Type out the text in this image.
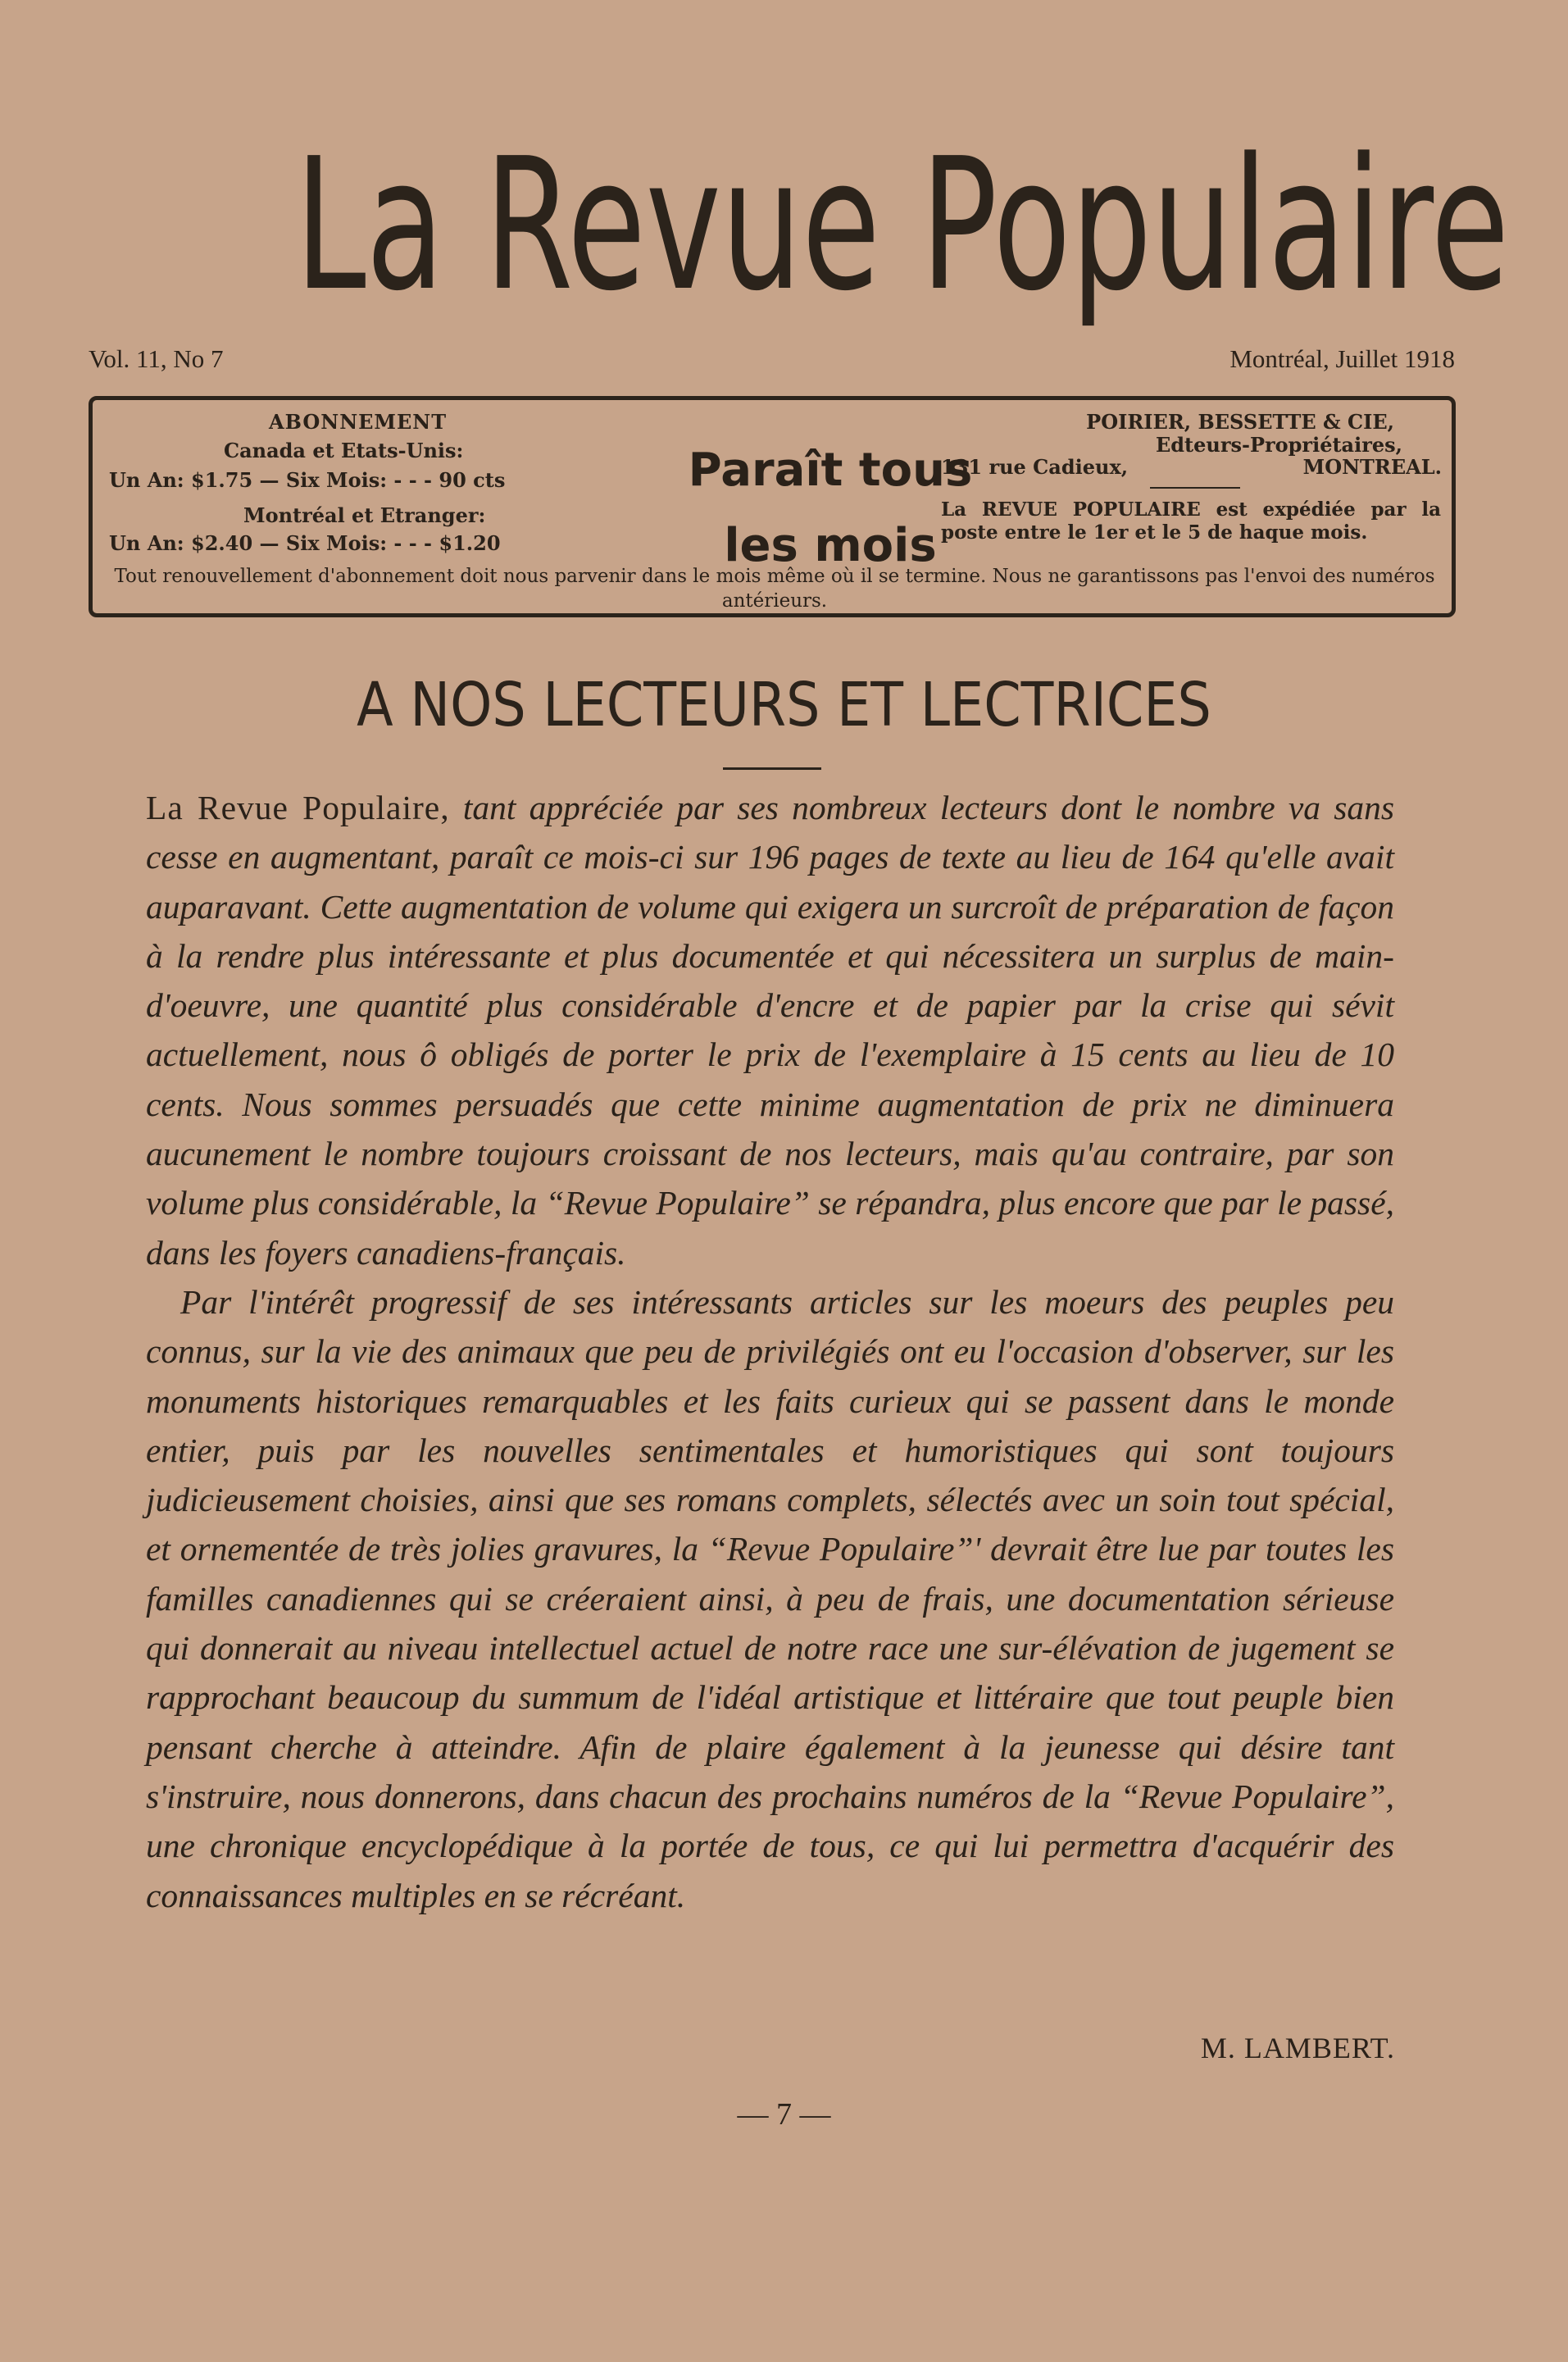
La Revue Populaire
Vol. 11, No 7	Montréal, Juillet 1918
ABONNEMENT
Canada et Etats-Unis:
Un An: $1.75 — Six Mois: - - - 90 cts
Montréal et Etranger:
Un An: $2.40 — Six Mois: - - - $1.20
Paraît tous
les mois
POIRIER, BESSETTE & CIE,
Edteurs-Propriétaires,
131 rue Cadieux,	MONTREAL.
La REVUE POPULAIRE est expédiée par la poste entre le 1er et le 5 de haque mois.
Tout renouvellement d'abonnement doit nous parvenir dans le mois même où il se termine. Nous ne garantissons pas l'envoi des numéros antérieurs.
A NOS LECTEURS ET LECTRICES

La Revue Populaire, tant appréciée par ses nombreux lecteurs dont le nombre va sans cesse en augmentant, paraît ce mois-ci sur 196 pages de texte au lieu de 164 qu'elle avait auparavant. Cette augmentation de volume qui exigera un surcroît de préparation de façon à la rendre plus intéressante et plus documentée et qui nécessitera un surplus de main-d'oeuvre, une quantité plus considérable d'encre et de papier par la crise qui sévit actuellement, nous ô obligés de porter le prix de l'exemplaire à 15 cents au lieu de 10 cents. Nous sommes persuadés que cette minime augmentation de prix ne diminuera aucunement le nombre toujours croissant de nos lecteurs, mais qu'au contraire, par son volume plus considérable, la “Revue Populaire” se répandra, plus encore que par le passé, dans les foyers canadiens-français.

Par l'intérêt progressif de ses intéressants articles sur les moeurs des peuples peu connus, sur la vie des animaux que peu de privilégiés ont eu l'occasion d'observer, sur les monuments historiques remarquables et les faits curieux qui se passent dans le monde entier, puis par les nouvelles sentimentales et humoristiques qui sont toujours judicieusement choisies, ainsi que ses romans complets, sélectés avec un soin tout spécial, et ornementée de très jolies gravures, la “Revue Populaire”' devrait être lue par toutes les familles canadiennes qui se créeraient ainsi, à peu de frais, une documentation sérieuse qui donnerait au niveau intellectuel actuel de notre race une sur-élévation de jugement se rapprochant beaucoup du summum de l'idéal artistique et littéraire que tout peuple bien pensant cherche à atteindre. Afin de plaire également à la jeunesse qui désire tant s'instruire, nous donnerons, dans chacun des prochains numéros de la “Revue Populaire”, une chronique encyclopédique à la portée de tous, ce qui lui permettra d'acquérir des connaissances multiples en se récréant.

M. LAMBERT.
— 7 —
